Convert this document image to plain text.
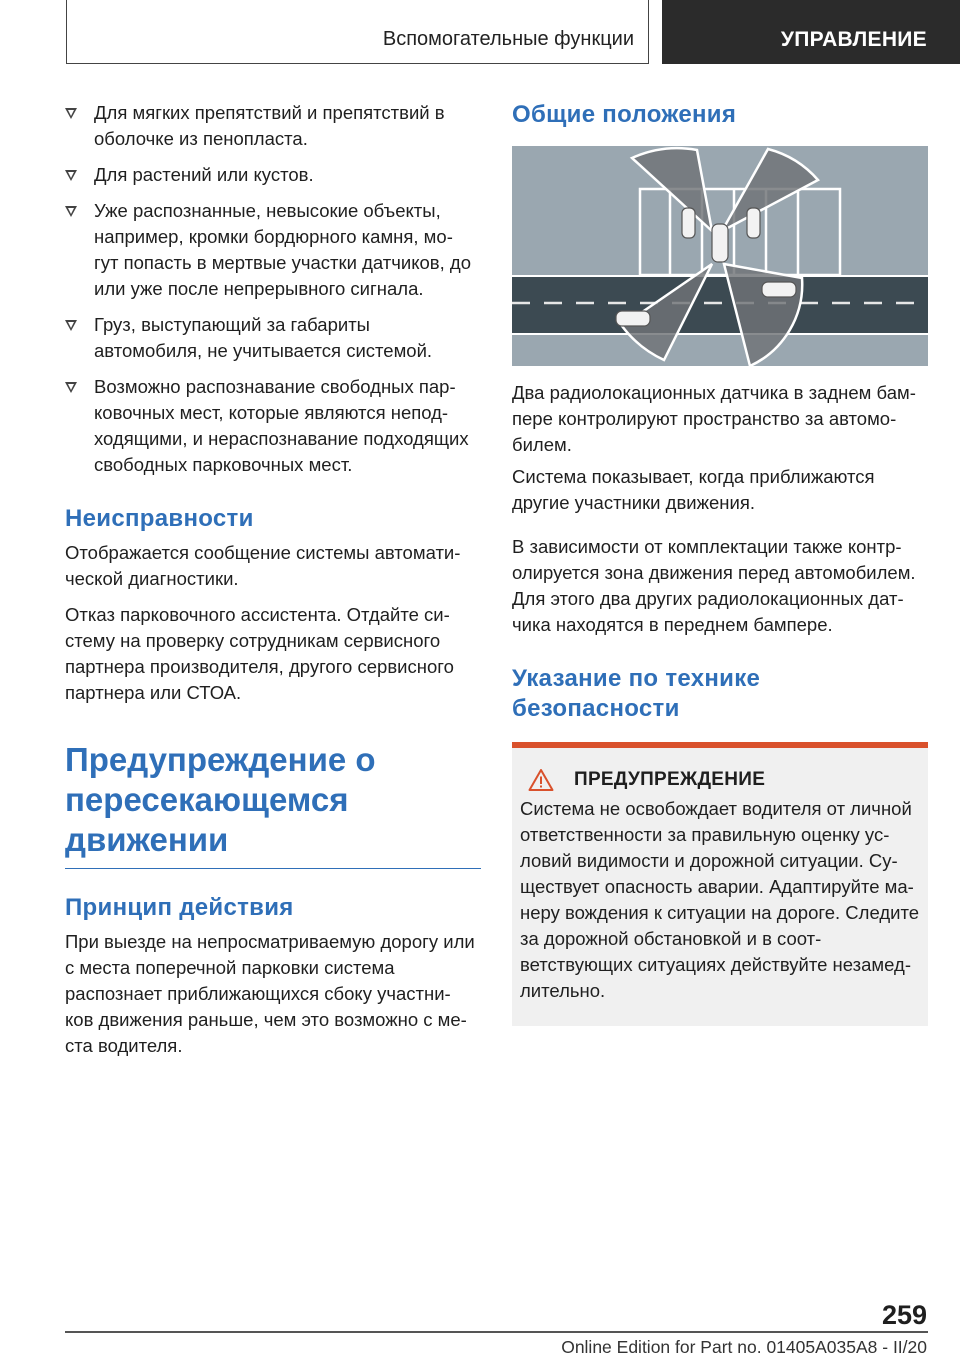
Вспомогательные функции	УПРАВЛЕНИЕ
Для мягких препятствий и препятствий в оболочке из пенопласта.
Для растений или кустов.
Уже распознанные, невысокие объекты, например, кромки бордюрного камня, мо- гут попасть в мертвые участки датчиков, до или уже после непрерывного сигнала.
Груз, выступающий за габариты автомобиля, не учитывается системой.
Возможно распознавание свободных пар- ковочных мест, которые являются непод- ходящими, и нераспознавание подходящих свободных парковочных мест.
Неисправности

Отображается сообщение системы автомати- ческой диагностики.

Отказ парковочного ассистента. Отдайте си- стему на проверку сотрудникам сервисного партнера производителя, другого сервисного партнера или СТОА.

Предупреждение о пересекающемся движении
Принцип действия

При выезде на непросматриваемую дорогу или с места поперечной парковки система распознает приближающихся сбоку участни- ков движения раньше, чем это возможно с ме- ста водителя.

Общие положения

Два радиолокационных датчика в заднем бам- пере контролируют пространство за автомо- билем.

Система показывает, когда приближаются другие участники движения.

В зависимости от комплектации также контр- олируется зона движения перед автомобилем. Для этого два других радиолокационных дат- чика находятся в переднем бампере.

Указание по технике безопасности
ПРЕДУПРЕЖДЕНИЕ

Система не освобождает водителя от личной ответственности за правильную оценку ус- ловий видимости и дорожной ситуации. Су- ществует опасность аварии. Адаптируйте ма- неру вождения к ситуации на дороге. Следите за дорожной обстановкой и в соот- ветствующих ситуациях действуйте незамед- лительно.

259
Online Edition for Part no. 01405A035A8 - II/20
